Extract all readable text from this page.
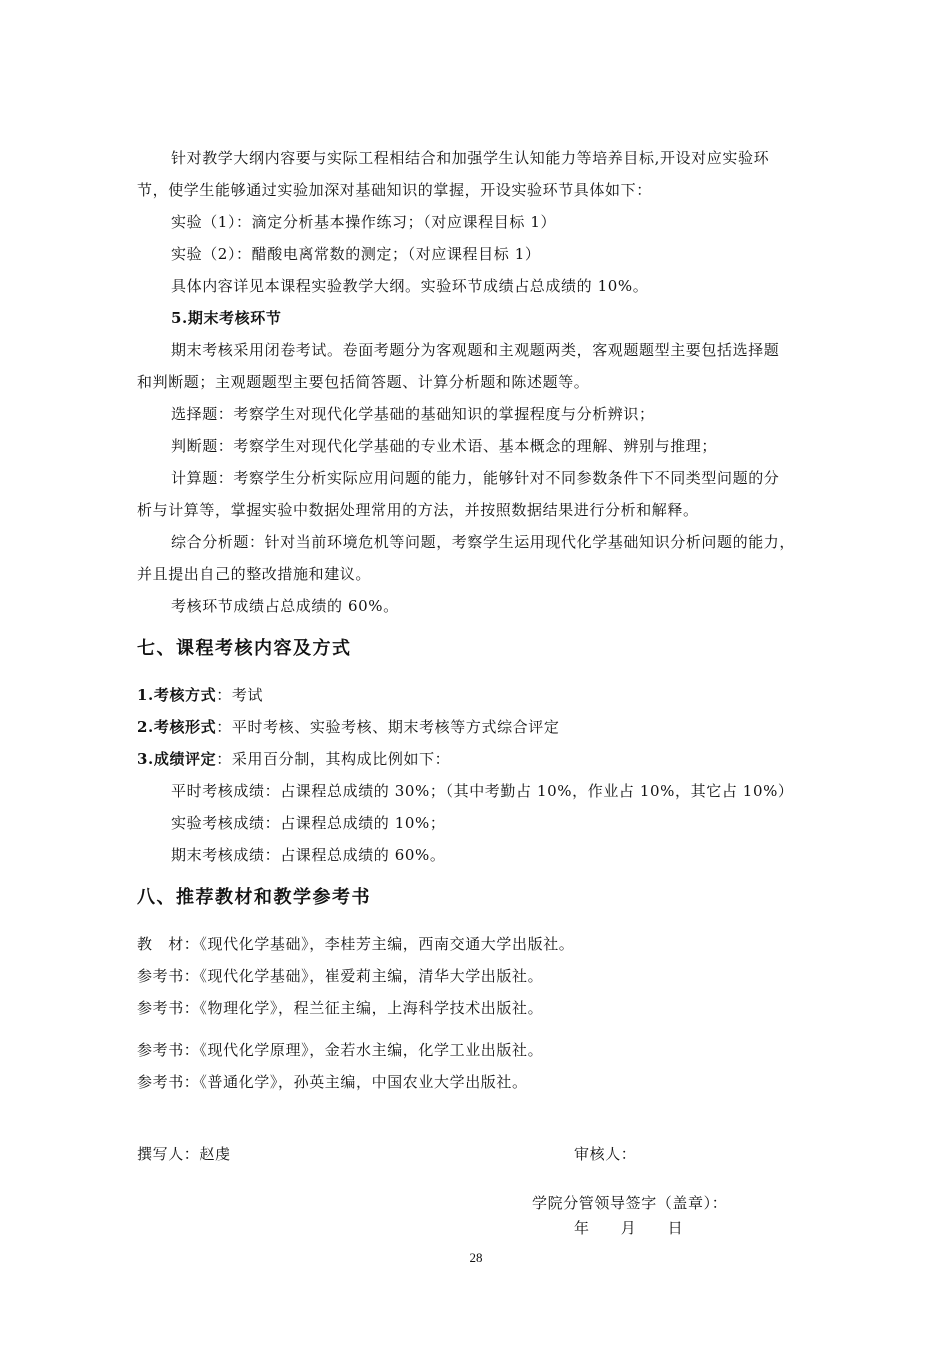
针对教学大纲内容要与实际工程相结合和加强学生认知能力等培养目标,开设对应实验环
节，使学生能够通过实验加深对基础知识的掌握，开设实验环节具体如下：
实验（1）：滴定分析基本操作练习；（对应课程目标 1）
实验（2）：醋酸电离常数的测定；（对应课程目标 1）
具体内容详见本课程实验教学大纲。实验环节成绩占总成绩的 10%。
5.期末考核环节
期末考核采用闭卷考试。卷面考题分为客观题和主观题两类，客观题题型主要包括选择题
和判断题；主观题题型主要包括简答题、计算分析题和陈述题等。
选择题：考察学生对现代化学基础的基础知识的掌握程度与分析辨识；
判断题：考察学生对现代化学基础的专业术语、基本概念的理解、辨别与推理；
计算题：考察学生分析实际应用问题的能力，能够针对不同参数条件下不同类型问题的分
析与计算等，掌握实验中数据处理常用的方法，并按照数据结果进行分析和解释。
综合分析题：针对当前环境危机等问题，考察学生运用现代化学基础知识分析问题的能力，
并且提出自己的整改措施和建议。
考核环节成绩占总成绩的 60%。
七、课程考核内容及方式
1.考核方式：考试
2.考核形式：平时考核、实验考核、期末考核等方式综合评定
3.成绩评定：采用百分制，其构成比例如下：
平时考核成绩：占课程总成绩的 30%；（其中考勤占 10%，作业占 10%，其它占 10%）
实验考核成绩：占课程总成绩的 10%；
期末考核成绩：占课程总成绩的 60%。
八、推荐教材和教学参考书
教　材：《现代化学基础》，李桂芳主编，西南交通大学出版社。
参考书：《现代化学基础》，崔爱莉主编，清华大学出版社。
参考书：《物理化学》，程兰征主编，上海科学技术出版社。
参考书：《现代化学原理》，金若水主编，化学工业出版社。
参考书：《普通化学》，孙英主编，中国农业大学出版社。
撰写人：赵虔	审核人：
学院分管领导签字（盖章）：
年　　月　　日
28
